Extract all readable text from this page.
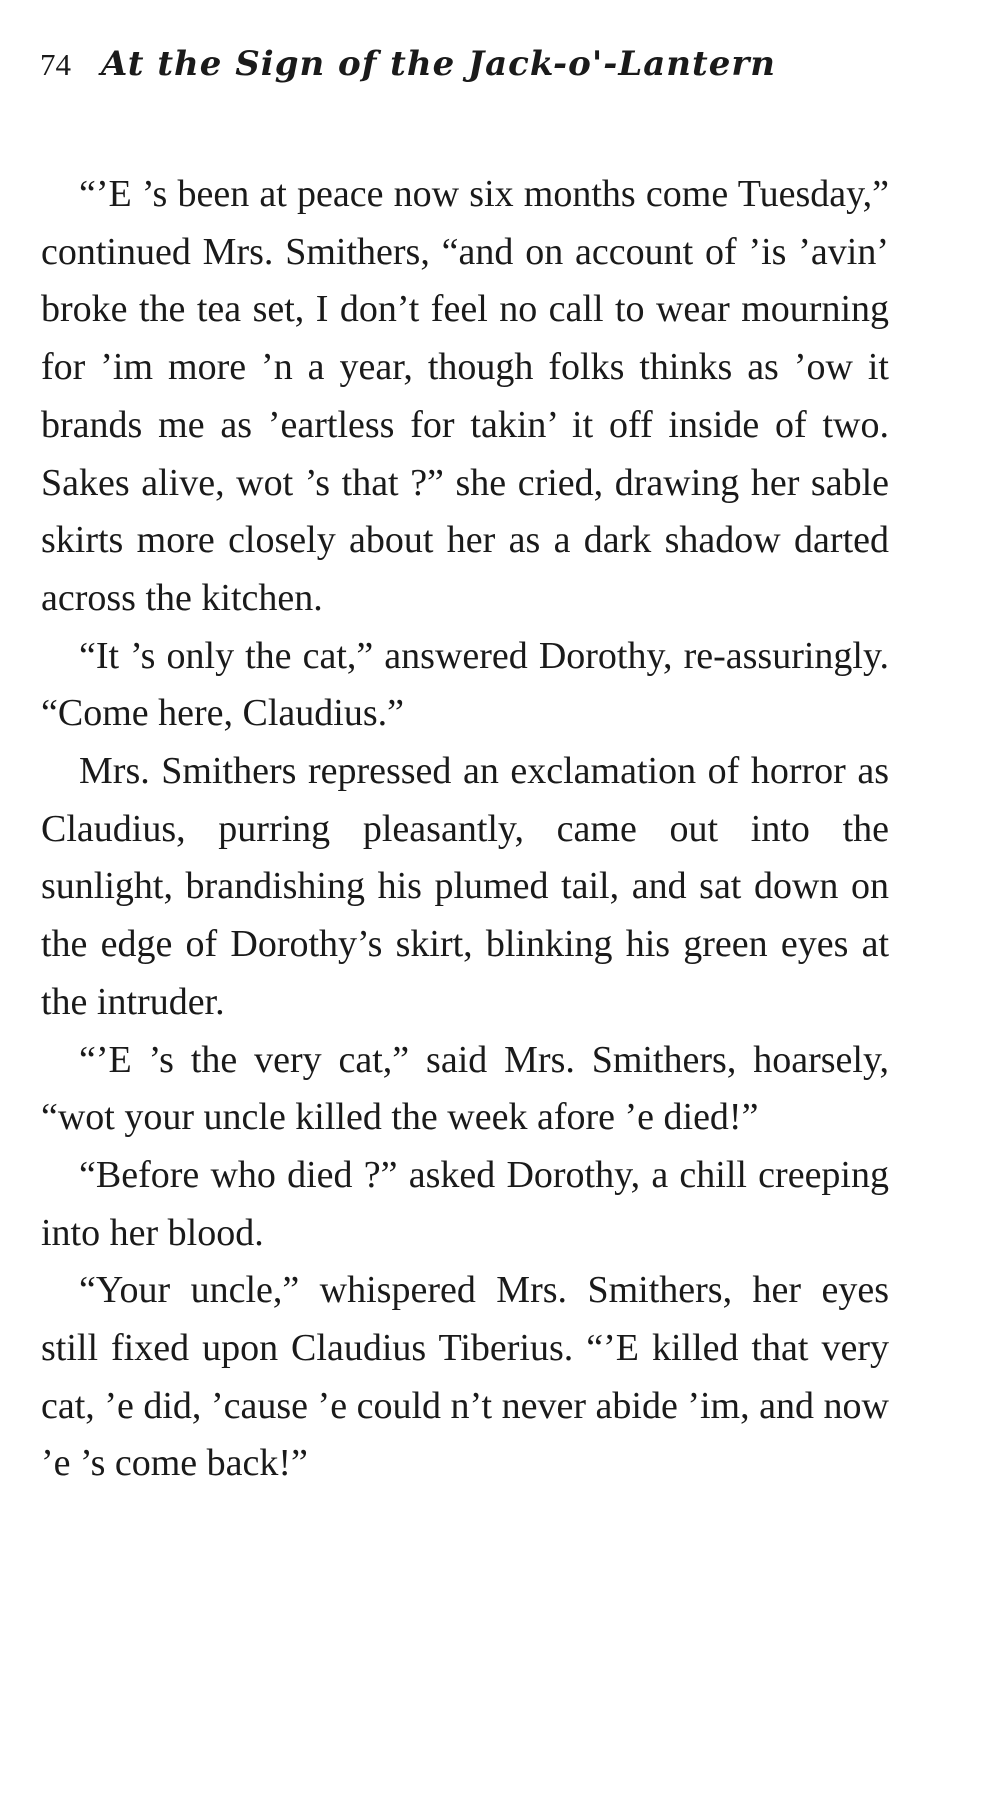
74 At the Sign of the Jack-o'-Lantern

“’E ’s been at peace now six months come Tuesday,” continued Mrs. Smithers, “and on account of ’is ’avin’ broke the tea set, I don’t feel no call to wear mourning for ’im more ’n a year, though folks thinks as ’ow it brands me as ’eartless for takin’ it off inside of two. Sakes alive, wot ’s that ?” she cried, drawing her sable skirts more closely about her as a dark shadow darted across the kitchen.

“It ’s only the cat,” answered Dorothy, re-assuringly. “Come here, Claudius.”

Mrs. Smithers repressed an exclamation of horror as Claudius, purring pleasantly, came out into the sunlight, brandishing his plumed tail, and sat down on the edge of Dorothy’s skirt, blinking his green eyes at the intruder.

“’E ’s the very cat,” said Mrs. Smithers, hoarsely, “wot your uncle killed the week afore ’e died!”

“Before who died ?” asked Dorothy, a chill creeping into her blood.

“Your uncle,” whispered Mrs. Smithers, her eyes still fixed upon Claudius Tiberius. “’E killed that very cat, ’e did, ’cause ’e could n’t never abide ’im, and now ’e ’s come back!”
